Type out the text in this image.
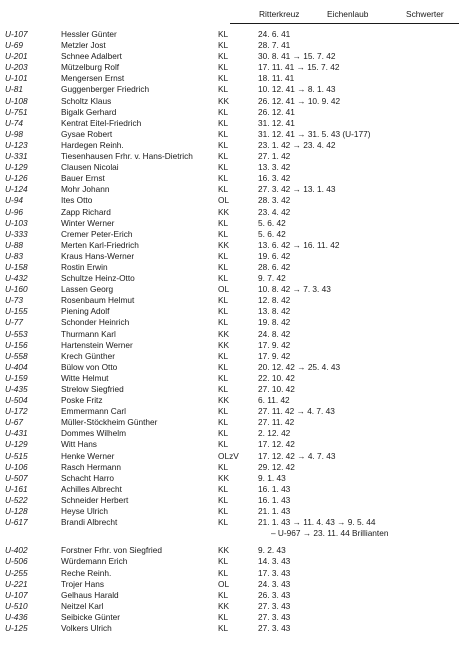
Ritterkreuz	Eichenlaub	Schwerter

U-107	Hessler Günter	KL	24. 6. 41
U-69	Metzler Jost	KL	28. 7. 41
U-201	Schnee Adalbert	KL	30. 8. 41 → 15. 7. 42
U-203	Mützelburg Rolf	KL	17. 11. 41 → 15. 7. 42
U-101	Mengersen Ernst	KL	18. 11. 41
U-81	Guggenberger Friedrich	KL	10. 12. 41 → 8. 1. 43
U-108	Scholtz Klaus	KK	26. 12. 41 → 10. 9. 42
U-751	Bigalk Gerhard	KL	26. 12. 41
U-74	Kentrat Eitel-Friedrich	KL	31. 12. 41
U-98	Gysae Robert	KL	31. 12. 41 → 31. 5. 43 (U-177)
U-123	Hardegen Reinh.	KL	23. 1. 42 → 23. 4. 42
U-331	Tiesenhausen Frhr. v. Hans-Dietrich	KL	27. 1. 42
U-129	Clausen Nicolai	KL	13. 3. 42
U-126	Bauer Ernst	KL	16. 3. 42
U-124	Mohr Johann	KL	27. 3. 42 → 13. 1. 43
U-94	Ites Otto	OL	28. 3. 42
U-96	Zapp Richard	KK	23. 4. 42
U-103	Winter Werner	KL	5. 6. 42
U-333	Cremer Peter-Erich	KL	5. 6. 42
U-88	Merten Karl-Friedrich	KK	13. 6. 42 → 16. 11. 42
U-83	Kraus Hans-Werner	KL	19. 6. 42
U-158	Rostin Erwin	KL	28. 6. 42
U-432	Schultze Heinz-Otto	KL	9. 7. 42
U-160	Lassen Georg	OL	10. 8. 42 → 7. 3. 43
U-73	Rosenbaum Helmut	KL	12. 8. 42
U-155	Piening Adolf	KL	13. 8. 42
U-77	Schonder Heinrich	KL	19. 8. 42
U-553	Thurmann Karl	KK	24. 8. 42
U-156	Hartenstein Werner	KK	17. 9. 42
U-558	Krech Günther	KL	17. 9. 42
U-404	Bülow von Otto	KL	20. 12. 42 → 25. 4. 43
U-159	Witte Helmut	KL	22. 10. 42
U-435	Strelow Siegfried	KL	27. 10. 42
U-504	Poske Fritz	KK	6. 11. 42
U-172	Emmermann Carl	KL	27. 11. 42 → 4. 7. 43
U-67	Müller-Stöckheim Günther	KL	27. 11. 42
U-431	Dommes Wilhelm	KL	2. 12. 42
U-129	Witt Hans	KL	17. 12. 42
U-515	Henke Werner	OLzV 17. 12. 42 → 4. 7. 43
U-106	Rasch Hermann	KL	29. 12. 42
U-507	Schacht Harro	KK	9. 1. 43
U-161	Achilles Albrecht	KL	16. 1. 43
U-522	Schneider Herbert	KL	16. 1. 43
U-128	Heyse Ulrich	KL	21. 1. 43
U-617	Brandi Albrecht	KL	21. 1. 43 → 11. 4. 43 → 9. 5. 44
– U-967 → 23. 11. 44 Brillianten
U-402	Forstner Frhr. von Siegfried	KK	9. 2. 43
U-506	Würdemann Erich	KL	14. 3. 43
U-255	Reche Reinh.	KL	17. 3. 43
U-221	Trojer Hans	OL	24. 3. 43
U-107	Gelhaus Harald	KL	26. 3. 43
U-510	Neitzel Karl	KK	27. 3. 43
U-436	Seibicke Günter	KL	27. 3. 43
U-125	Volkers Ulrich	KL	27. 3. 43
